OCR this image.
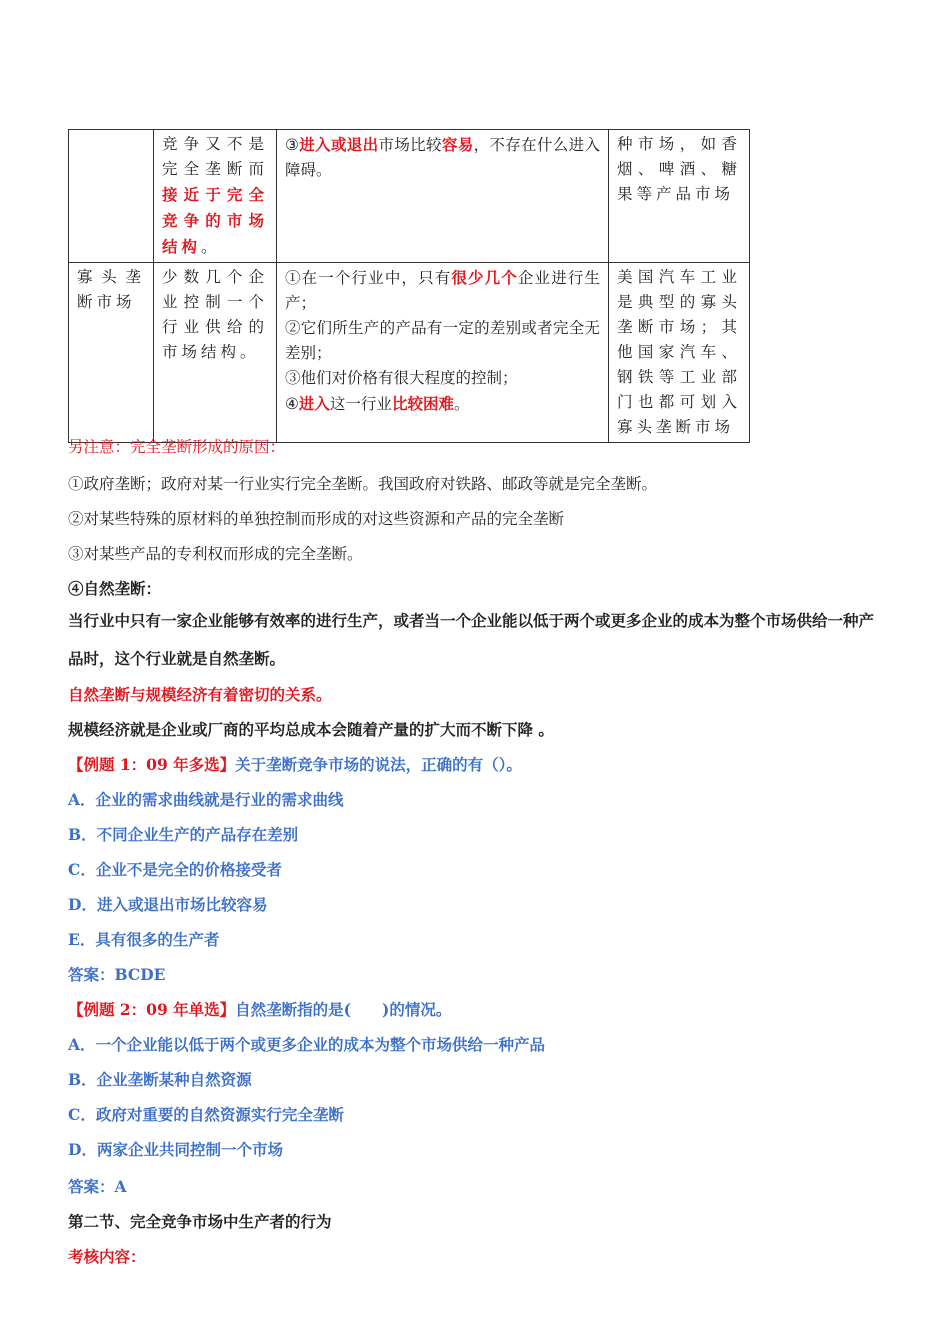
	竞争又不是完全垄断而接近于完全竞争的市场结构。	③进入或退出市场比较容易，不存在什么进入障碍。	种市场，如香烟、啤酒、糖果等产品市场
寡头垄断市场	少数几个企业控制一个行业供给的市场结构。	①在一个行业中，只有很少几个企业进行生产；
②它们所生产的产品有一定的差别或者完全无差别；
③他们对价格有很大程度的控制；
④进入这一行业比较困难。	美国汽车工业是典型的寡头垄断市场；其他国家汽车、钢铁等工业部门也都可划入寡头垄断市场
另注意：完全垄断形成的原因：
①政府垄断；政府对某一行业实行完全垄断。我国政府对铁路、邮政等就是完全垄断。
②对某些特殊的原材料的单独控制而形成的对这些资源和产品的完全垄断
③对某些产品的专利权而形成的完全垄断。
④自然垄断：
当行业中只有一家企业能够有效率的进行生产，或者当一个企业能以低于两个或更多企业的成本为整个市场供给一种产品时，这个行业就是自然垄断。
自然垄断与规模经济有着密切的关系。
规模经济就是企业或厂商的平均总成本会随着产量的扩大而不断下降 。
【例题 1：09 年多选】关于垄断竞争市场的说法，正确的有（）。
A．企业的需求曲线就是行业的需求曲线
B．不同企业生产的产品存在差别
C．企业不是完全的价格接受者
D．进入或退出市场比较容易
E．具有很多的生产者
答案：BCDE
【例题 2：09 年单选】自然垄断指的是(　　)的情况。
A．一个企业能以低于两个或更多企业的成本为整个市场供给一种产品
B．企业垄断某种自然资源
C．政府对重要的自然资源实行完全垄断
D．两家企业共同控制一个市场
答案：A
第二节、完全竞争市场中生产者的行为
考核内容：
